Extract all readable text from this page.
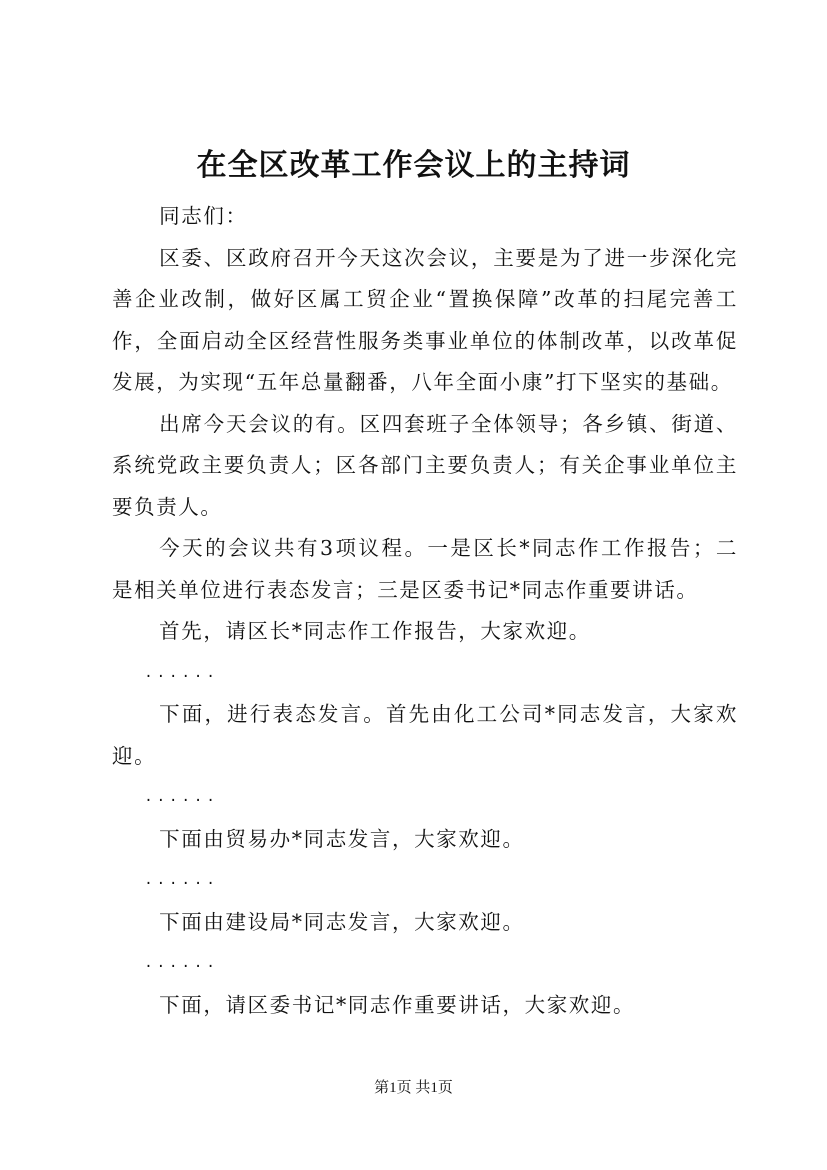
在全区改革工作会议上的主持词

同志们：

区委、区政府召开今天这次会议，主要是为了进一步深化完善企业改制，做好区属工贸企业“置换保障”改革的扫尾完善工作，全面启动全区经营性服务类事业单位的体制改革，以改革促发展，为实现“五年总量翻番，八年全面小康”打下坚实的基础。

出席今天会议的有。区四套班子全体领导；各乡镇、街道、系统党政主要负责人；区各部门主要负责人；有关企事业单位主要负责人。

今天的会议共有3项议程。一是区长*同志作工作报告；二是相关单位进行表态发言；三是区委书记*同志作重要讲话。

首先，请区长*同志作工作报告，大家欢迎。

......

下面，进行表态发言。首先由化工公司*同志发言，大家欢迎。

......

下面由贸易办*同志发言，大家欢迎。

......

下面由建设局*同志发言，大家欢迎。

......

下面，请区委书记*同志作重要讲话，大家欢迎。

第1页 共1页
